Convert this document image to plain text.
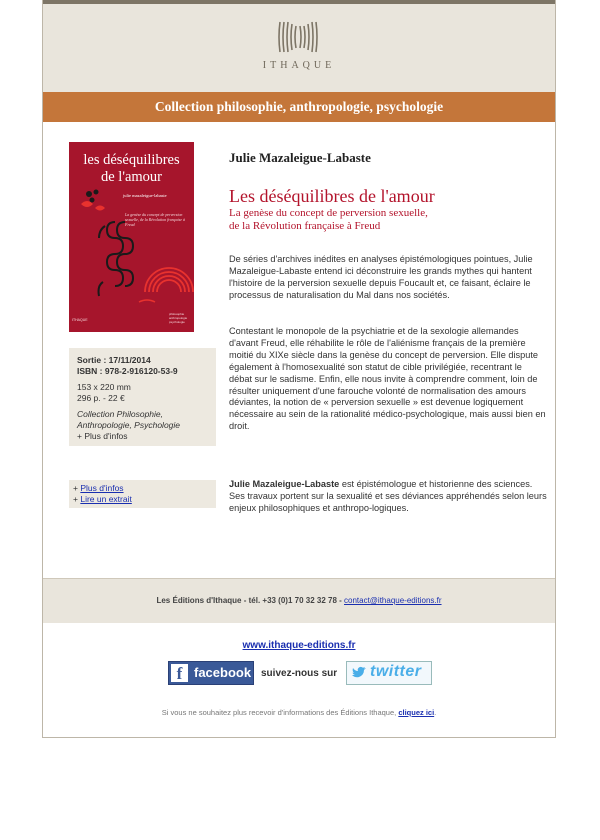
ITHAQUE
Collection philosophie, anthropologie, psychologie
les déséquilibres
de l'amour
julie mazaleigue-labaste
La genèse du concept de perversion sexuelle, de la Révolution française à Freud
ITHAQUE
philosophie anthropologie psychologie
Sortie : 17/11/2014
ISBN : 978-2-916120-53-9
153 x 220 mm
296 p. - 22 €
Collection Philosophie,
Anthropologie, Psychologie
+ Plus d'infos
+ Plus d'infos
+ Lire un extrait
Julie Mazaleigue-Labaste
Les déséquilibres de l'amour
La genèse du concept de perversion sexuelle,
de la Révolution française à Freud
De séries d'archives inédites en analyses épistémologiques pointues, Julie Mazaleigue-Labaste entend ici déconstruire les grands mythes qui hantent l'histoire de la perversion sexuelle depuis Foucault et, ce faisant, éclaire le processus de naturalisation du Mal dans nos sociétés.
Contestant le monopole de la psychiatrie et de la sexologie allemandes d'avant Freud, elle réhabilite le rôle de l'aliénisme français de la première moitié du XIXe siècle dans la genèse du concept de perversion. Elle dispute également à l'homosexualité son statut de cible privilégiée, recentrant le débat sur le sadisme. Enfin, elle nous invite à comprendre comment, loin de résulter uniquement d'une farouche volonté de normalisation des amours déviantes, la notion de « perversion sexuelle » est devenue logiquement nécessaire au sein de la rationalité médico-psychologique, mais aussi bien en droit.
Julie Mazaleigue-Labaste est épistémologue et historienne des sciences. Ses travaux portent sur la sexualité et ses déviances appréhendés selon leurs enjeux philosophiques et anthropo-logiques.
Les Éditions d'Ithaque - tél. +33 (0)1 70 32 32 78 - contact@ithaque-editions.fr
www.ithaque-editions.fr
f facebook suivez-nous sur twitter
Si vous ne souhaitez plus recevoir d'informations des Éditions Ithaque, cliquez ici.
